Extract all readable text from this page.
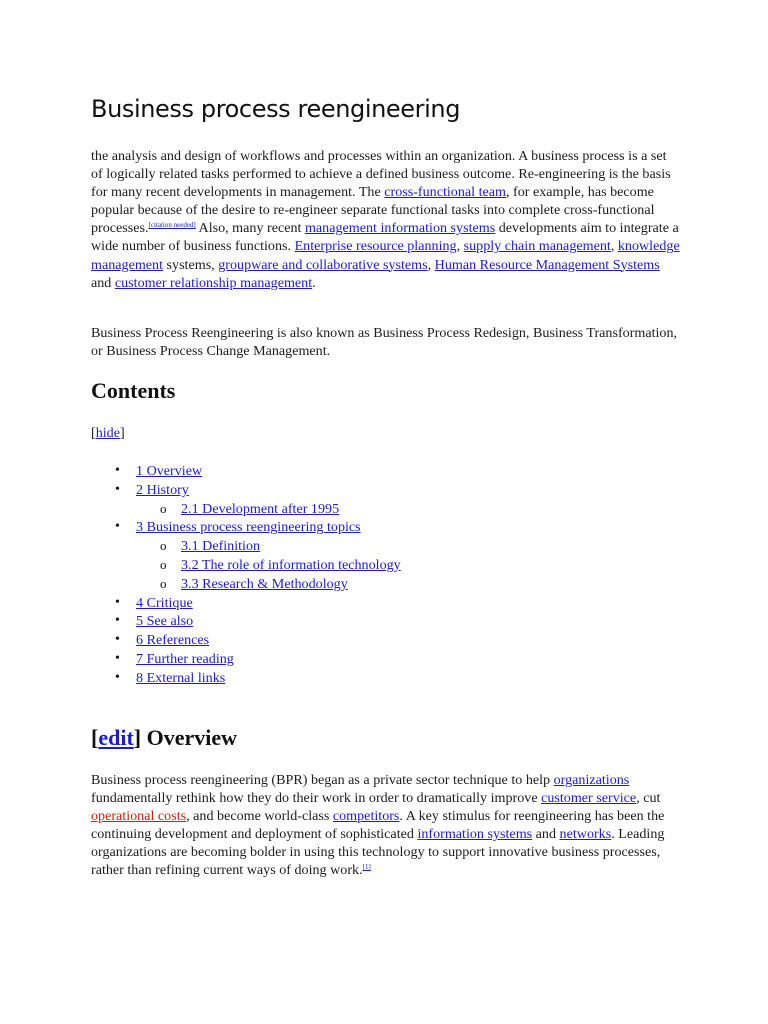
Business process reengineering

the analysis and design of workflows and processes within an organization. A business process is a set of logically related tasks performed to achieve a defined business outcome. Re-engineering is the basis for many recent developments in management. The cross-functional team, for example, has become popular because of the desire to re-engineer separate functional tasks into complete cross-functional processes.[citation needed] Also, many recent management information systems developments aim to integrate a wide number of business functions. Enterprise resource planning, supply chain management, knowledge management systems, groupware and collaborative systems, Human Resource Management Systems and customer relationship management.

Business Process Reengineering is also known as Business Process Redesign, Business Transformation, or Business Process Change Management.

Contents
[hide]
• 1 Overview
• 2 History
o 2.1 Development after 1995
• 3 Business process reengineering topics
o 3.1 Definition
o 3.2 The role of information technology
o 3.3 Research & Methodology
• 4 Critique
• 5 See also
• 6 References
• 7 Further reading
• 8 External links
[edit] Overview

Business process reengineering (BPR) began as a private sector technique to help organizations fundamentally rethink how they do their work in order to dramatically improve customer service, cut operational costs, and become world-class competitors. A key stimulus for reengineering has been the continuing development and deployment of sophisticated information systems and networks. Leading organizations are becoming bolder in using this technology to support innovative business processes, rather than refining current ways of doing work.[1]
